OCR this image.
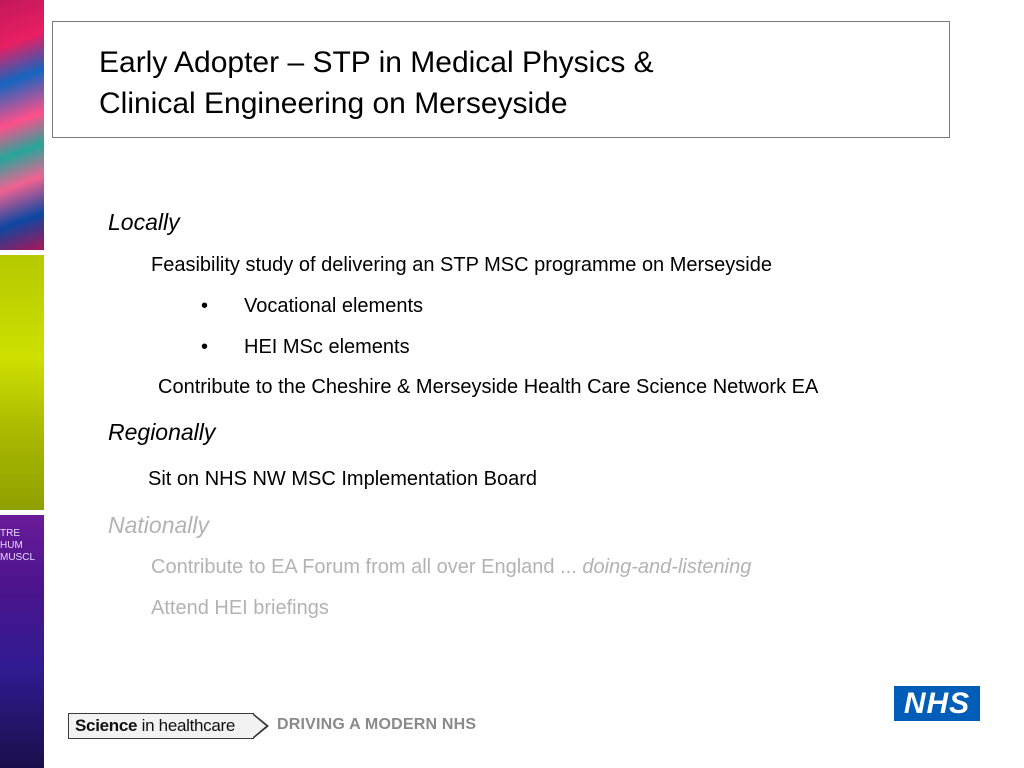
TRE HUM MUSCL
Early Adopter – STP in Medical Physics &
Clinical Engineering on Merseyside
Locally
Feasibility study of delivering an STP MSC programme on Merseyside
• Vocational elements
• HEI MSc elements
Contribute to the Cheshire & Merseyside Health Care Science Network EA
Regionally
Sit on NHS NW MSC Implementation Board
Nationally
Contribute to EA Forum from all over England ... doing-and-listening
Attend HEI briefings
Science in healthcare	DRIVING A MODERN NHS
NHS
